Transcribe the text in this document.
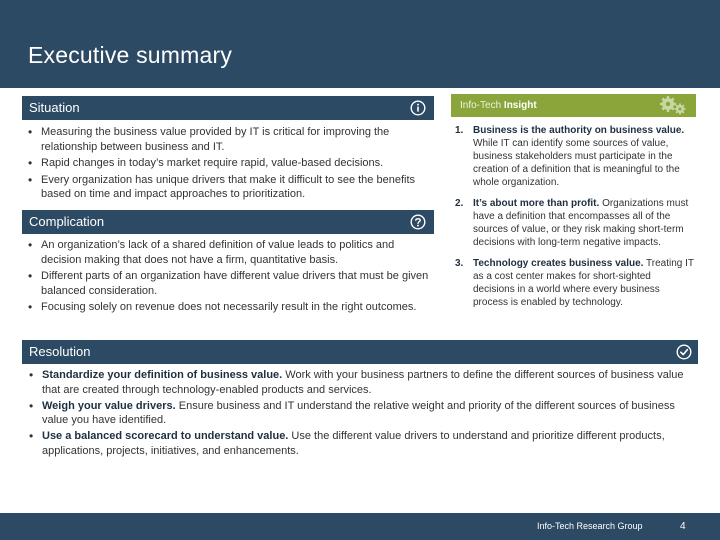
Executive summary
Situation
• Measuring the business value provided by IT is critical for improving the relationship between business and IT.
• Rapid changes in today’s market require rapid, value-based decisions.
• Every organization has unique drivers that make it difficult to see the benefits based on time and impact approaches to prioritization.
Complication
• An organization’s lack of a shared definition of value leads to politics and decision making that does not have a firm, quantitative basis.
• Different parts of an organization have different value drivers that must be given balanced consideration.
• Focusing solely on revenue does not necessarily result in the right outcomes.
Info-Tech Insight
1. Business is the authority on business value. While IT can identify some sources of value, business stakeholders must participate in the creation of a definition that is meaningful to the whole organization.
2. It’s about more than profit. Organizations must have a definition that encompasses all of the sources of value, or they risk making short-term decisions with long-term negative impacts.
3. Technology creates business value. Treating IT as a cost center makes for short-sighted decisions in a world where every business process is enabled by technology.
Resolution
• Standardize your definition of business value. Work with your business partners to define the different sources of business value that are created through technology-enabled products and services.
• Weigh your value drivers. Ensure business and IT understand the relative weight and priority of the different sources of business value you have identified.
• Use a balanced scorecard to understand value. Use the different value drivers to understand and prioritize different products, applications, projects, initiatives, and enhancements.
Info-Tech Research Group	4
